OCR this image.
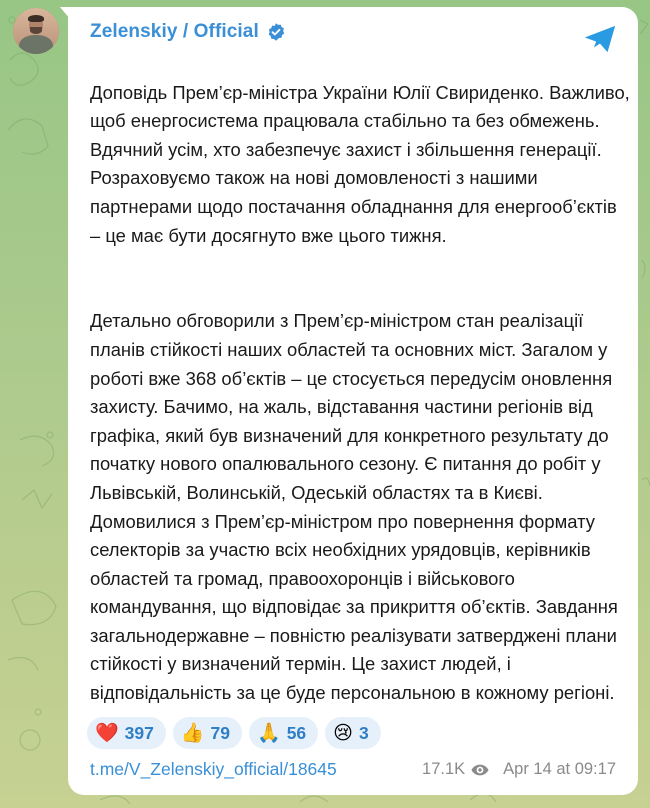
Zelenskiy / Official

Доповідь Прем’єр-міністра України Юлії Свириденко. Важливо, щоб енергосистема працювала стабільно та без обмежень. Вдячний усім, хто забезпечує захист і збільшення генерації. Розраховуємо також на нові домовленості з нашими партнерами щодо постачання обладнання для енергооб’єктів – це має бути досягнуто вже цього тижня.

Детально обговорили з Прем’єр-міністром стан реалізації планів стійкості наших областей та основних міст. Загалом у роботі вже 368 об’єктів – це стосується передусім оновлення захисту. Бачимо, на жаль, відставання частини регіонів від графіка, який був визначений для конкретного результату до початку нового опалювального сезону. Є питання до робіт у Львівській, Волинській, Одеській областях та в Києві. Домовилися з Прем’єр-міністром про повернення формату селекторів за участю всіх необхідних урядовців, керівників областей та громад, правоохоронців і військового командування, що відповідає за прикриття об’єктів. Завдання загальнодержавне – повністю реалізувати затверджені плани стійкості у визначений термін. Це захист людей, і відповідальність за це буде персональною в кожному регіоні.

❤️ 397 👍 79 🙏 56 😢 3
t.me/V_Zelenskiy_official/18645	17.1K Apr 14 at 09:17
